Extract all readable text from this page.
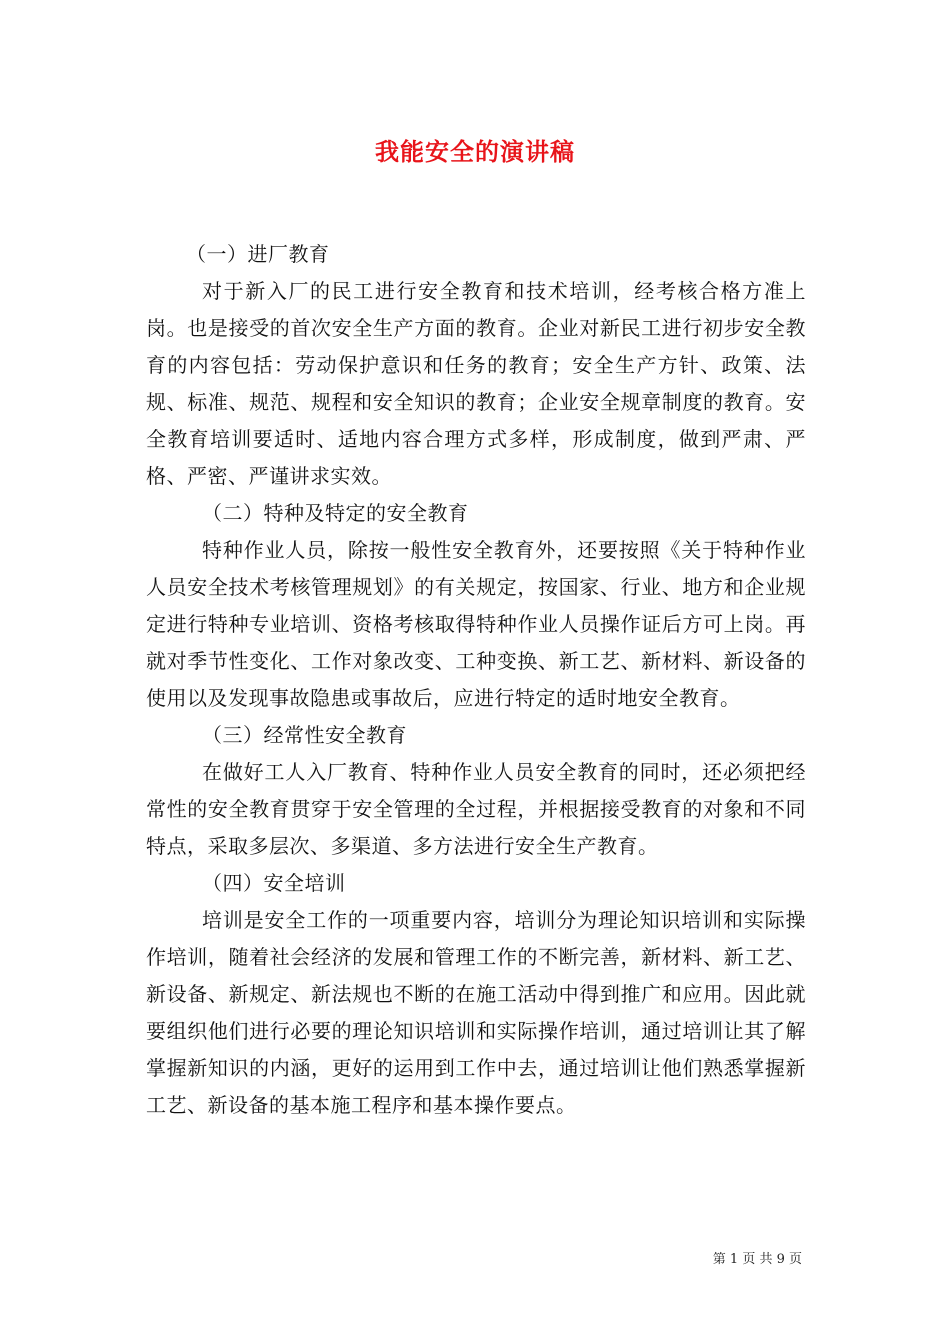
我能安全的演讲稿

（一）进厂教育

对于新入厂的民工进行安全教育和技术培训，经考核合格方准上岗。也是接受的首次安全生产方面的教育。企业对新民工进行初步安全教育的内容包括：劳动保护意识和任务的教育；安全生产方针、政策、法规、标准、规范、规程和安全知识的教育；企业安全规章制度的教育。安全教育培训要适时、适地内容合理方式多样，形成制度，做到严肃、严格、严密、严谨讲求实效。

（二）特种及特定的安全教育

特种作业人员，除按一般性安全教育外，还要按照《关于特种作业人员安全技术考核管理规划》的有关规定，按国家、行业、地方和企业规定进行特种专业培训、资格考核取得特种作业人员操作证后方可上岗。再就对季节性变化、工作对象改变、工种变换、新工艺、新材料、新设备的使用以及发现事故隐患或事故后，应进行特定的适时地安全教育。

（三）经常性安全教育

在做好工人入厂教育、特种作业人员安全教育的同时，还必须把经常性的安全教育贯穿于安全管理的全过程，并根据接受教育的对象和不同特点，采取多层次、多渠道、多方法进行安全生产教育。

（四）安全培训

培训是安全工作的一项重要内容，培训分为理论知识培训和实际操作培训，随着社会经济的发展和管理工作的不断完善，新材料、新工艺、新设备、新规定、新法规也不断的在施工活动中得到推广和应用。因此就要组织他们进行必要的理论知识培训和实际操作培训，通过培训让其了解掌握新知识的内涵，更好的运用到工作中去，通过培训让他们熟悉掌握新工艺、新设备的基本施工程序和基本操作要点。

第 1 页 共 9 页
